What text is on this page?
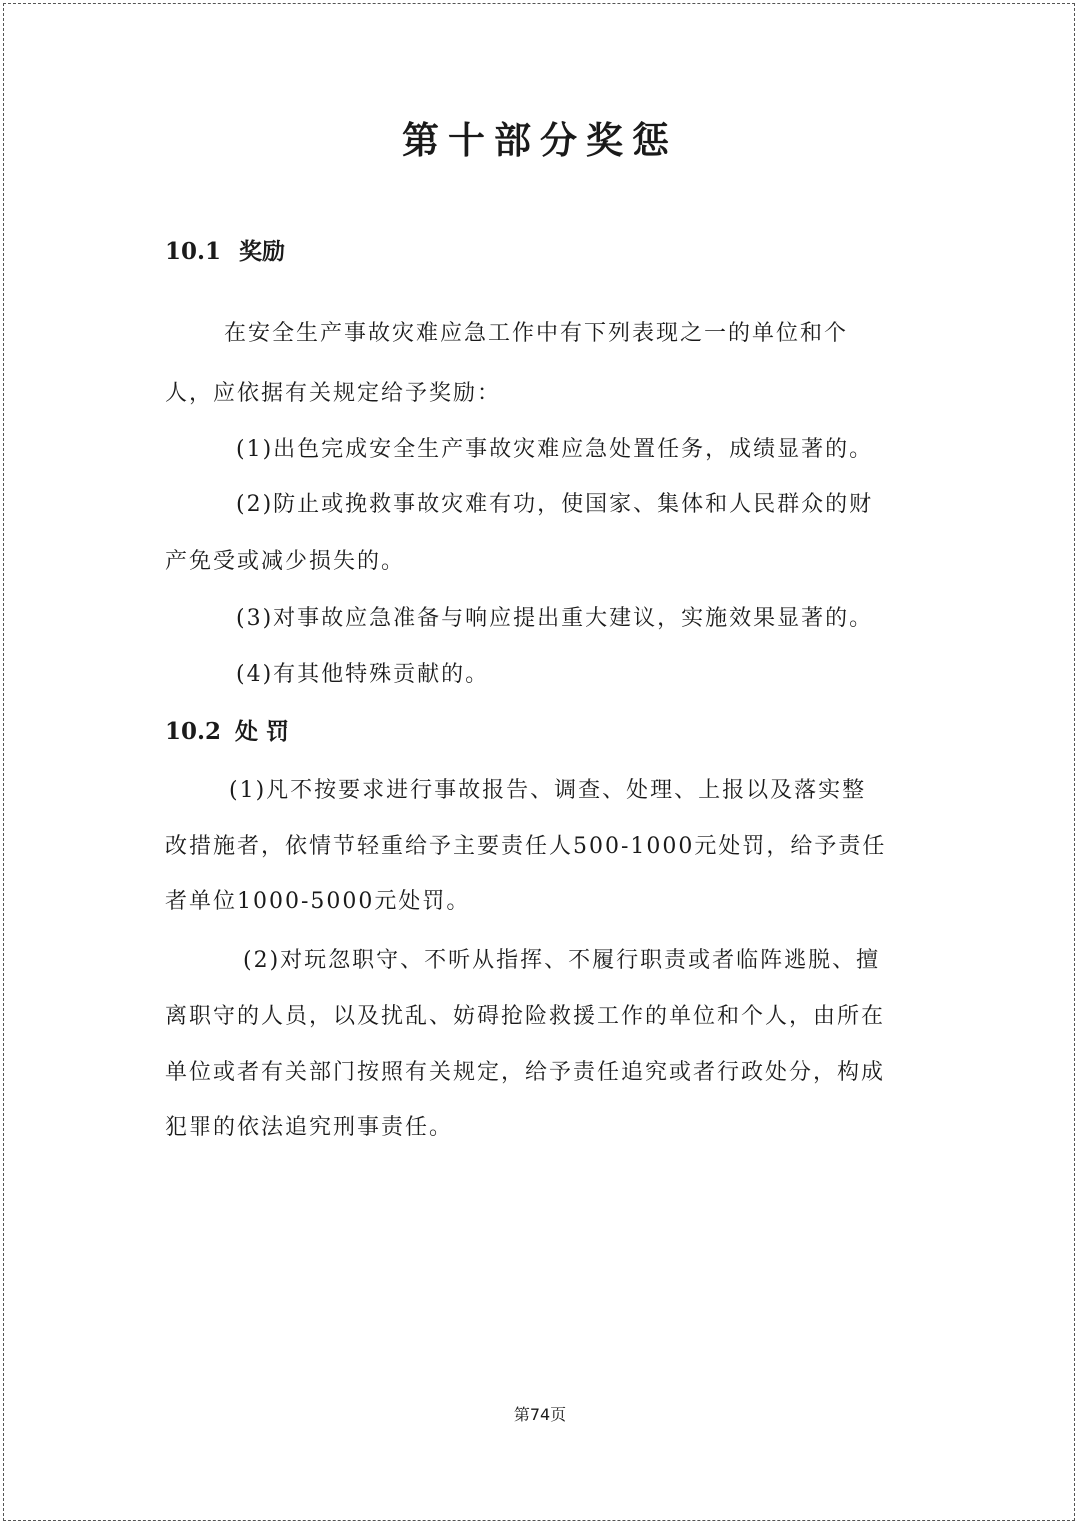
第十部分奖惩
10.1 奖励
在安全生产事故灾难应急工作中有下列表现之一的单位和个
人，应依据有关规定给予奖励：
(1)出色完成安全生产事故灾难应急处置任务，成绩显著的。
(2)防止或挽救事故灾难有功，使国家、集体和人民群众的财
产免受或减少损失的。
(3)对事故应急准备与响应提出重大建议，实施效果显著的。
(4)有其他特殊贡献的。
10.2 处 罚
(1)凡不按要求进行事故报告、调查、处理、上报以及落实整
改措施者，依情节轻重给予主要责任人500-1000元处罚，给予责任
者单位1000-5000元处罚。
(2)对玩忽职守、不听从指挥、不履行职责或者临阵逃脱、擅
离职守的人员，以及扰乱、妨碍抢险救援工作的单位和个人，由所在
单位或者有关部门按照有关规定，给予责任追究或者行政处分，构成
犯罪的依法追究刑事责任。
第74页
